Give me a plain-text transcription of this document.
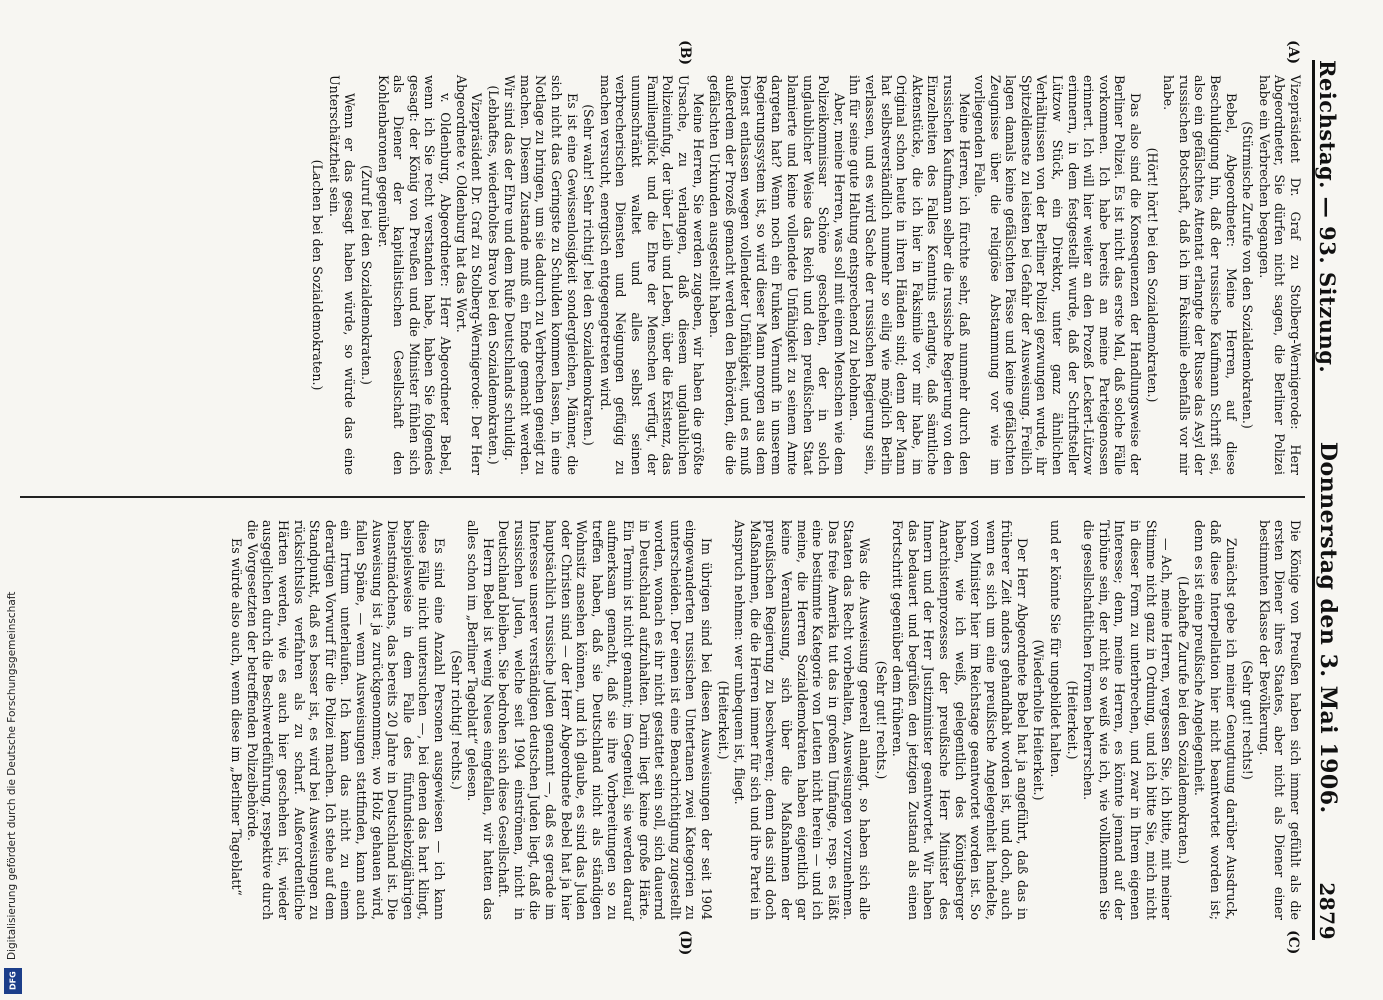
Reichstag. — 93. Sitzung.
Donnerstag den 3. Mai 1906.
2879
(A)
(B)
(C)
(D)

Vizepräsident Dr. Graf zu Stolberg-Wernigerode: Herr Abgeordneter, Sie dürfen nicht sagen, die Berliner Polizei habe ein Verbrechen begangen.

(Stürmische Zurufe von den Sozialdemokraten.)

Bebel, Abgeordneter: Meine Herren, auf diese Beschuldigung hin, daß der russische Kaufmann Schrift sei, also ein gefälschtes Attentat erlangte der Russe das Asyl der russischen Botschaft, daß ich im Faksimile ebenfalls vor mir habe.

(Hört! hört! bei den Sozialdemokraten.)

Das also sind die Konsequenzen der Handlungsweise der Berliner Polizei. Es ist nicht das erste Mal, daß solche Fälle vorkommen. Ich habe bereits an meine Parteigenossen erinnert. Ich will hier weiter an den Prozeß Leckert-Lützow erinnern, in dem festgestellt wurde, daß der Schriftsteller Lützow Stück, ein Direktor, unter ganz ähnlichen Verhältnissen von der Berliner Polizei gezwungen wurde, ihr Spitzeldienste zu leisten bei Gefahr der Ausweisung. Freilich lagen damals keine gefälschten Pässe und keine gefälschten Zeugnisse über die religiöse Abstammung vor wie im vorliegenden Falle.

Meine Herren, ich fürchte sehr, daß nunmehr durch den russischen Kaufmann selber die russische Regierung von den Einzelheiten des Falles Kenntnis erlangte, daß sämtliche Aktenstücke, die ich hier in Faksimile vor mir habe, im Original schon heute in ihren Händen sind; denn der Mann hat selbstverständlich nunmehr so eilig wie möglich Berlin verlassen, und es wird Sache der russischen Regierung sein, ihn für seine gute Haltung entsprechend zu belohnen.

Aber, meine Herren, was soll mit einem Menschen wie dem Polizeikommissar Schöne geschehen, der in solch unglaublicher Weise das Reich und den preußischen Staat blamierte und keine vollendete Unfähigkeit zu seinem Amte dargetan hat? Wenn noch ein Funken Vernunft in unserem Regierungssystem ist, so wird dieser Mann morgen aus dem Dienst entlassen wegen vollendeter Unfähigkeit, und es muß außerdem der Prozeß gemacht werden den Behörden, die die gefälschten Urkunden ausgestellt haben.

Meine Herren, Sie werden zugeben, wir haben die größte Ursache, zu verlangen, daß diesem unglaublichen Polizeiunfug, der über Leib und Leben, über die Existenz, das Familienglück und die Ehre der Menschen verfügt, der unumschränkt waltet und alles selbst seinen verbrecherischen Diensten und Neigungen gefügig zu machen versucht, energisch entgegengetreten wird.

(Sehr wahr! Sehr richtig! bei den Sozialdemokraten.)

Es ist eine Gewissenlosigkeit sondergleichen, Männer, die sich nicht das Geringste zu Schulden kommen lassen, in eine Notlage zu bringen, um sie dadurch zu Verbrechen geneigt zu machen. Diesem Zustande muß ein Ende gemacht werden. Wir sind das der Ehre und dem Rufe Deutschlands schuldig.

(Lebhaftes, wiederholtes Bravo bei den Sozialdemokraten.)

Vizepräsident Dr. Graf zu Stolberg-Wernigerode: Der Herr Abgeordnete v. Oldenburg hat das Wort.

v. Oldenburg, Abgeordneter: Herr Abgeordneter Bebel, wenn ich Sie recht verstanden habe, haben Sie folgendes gesagt: der König von Preußen und die Minister fühlen sich als Diener der kapitalistischen Gesellschaft den Kohlenbaronen gegenüber.

(Zuruf bei den Sozialdemokraten.)

Wenn er das gesagt haben würde, so würde das eine Unterschätztheit sein.

(Lachen bei den Sozialdemokraten.)

Die Könige von Preußen haben sich immer gefühlt als die ersten Diener ihres Staates, aber nicht als Diener einer bestimmten Klasse der Bevölkerung.

(Sehr gut! rechts!)

Zunächst gebe ich meiner Genugtuung darüber Ausdruck, daß diese Interpellation hier nicht beantwortet worden ist; denn es ist eine preußische Angelegenheit.

(Lebhafte Zurufe bei den Sozialdemokraten.)

— Ach, meine Herren, vergessen Sie, ich bitte, mit meiner Stimme nicht ganz in Ordnung, und ich bitte Sie, mich nicht in dieser Form zu unterbrechen, und zwar in Ihrem eigenen Interesse; denn, meine Herren, es könnte jemand auf der Tribüne sein, der nicht so weiß wie ich, wie vollkommen Sie die gesellschaftlichen Formen beherrschen.

(Heiterkeit.)

und er könnte Sie für ungebildet halten.

(Wiederholte Heiterkeit.)

Der Herr Abgeordnete Bebel hat ja angeführt, daß das in früherer Zeit anders gehandhabt worden ist, und doch, auch wenn es sich um eine preußische Angelegenheit handelte, vom Minister hier im Reichstage geantwortet worden ist. So haben, wie ich weiß, gelegentlich des Königsberger Anarchistenprozesses der preußische Herr Minister des Innern und der Herr Justizminister geantwortet. Wir haben das bedauert und begrüßen den jetzigen Zustand als einen Fortschritt gegenüber dem früheren.

(Sehr gut! rechts.)

Was die Ausweisung generell anlangt, so haben sich alle Staaten das Recht vorbehalten, Ausweisungen vorzunehmen. Das freie Amerika tut das in großem Umfange, resp. es läßt eine bestimmte Kategorie von Leuten nicht herein — und ich meine, die Herren Sozialdemokraten haben eigentlich gar keine Veranlassung, sich über die Maßnahmen der preußischen Regierung zu beschweren; denn das sind doch Maßnahmen, die die Herren immer für sich und ihre Partei in Anspruch nehmen: wer unbequem ist, fliegt.

(Heiterkeit.)

Im übrigen sind bei diesen Ausweisungen der seit 1904 eingewanderten russischen Untertanen zwei Kategorien zu unterscheiden. Der einen ist eine Benachrichtigung zugestellt worden, wonach es ihr nicht gestattet sein soll, sich dauernd in Deutschland aufzuhalten. Darin liegt keine große Härte. Ein Termin ist nicht genannt; im Gegenteil, sie werden darauf aufmerksam gemacht, daß sie ihre Vorbereitungen so zu treffen haben, daß sie Deutschland nicht als ständigen Wohnsitz ansehen können, und ich glaube, es sind das Juden oder Christen sind — der Herr Abgeordnete Bebel hat ja hier hauptsächlich russische Juden genannt —, daß es gerade im Interesse unserer verständigen deutschen Juden liegt, daß die russischen Juden, welche seit 1904 einströmen, nicht in Deutschland bleiben. Sie bedrohen sich diese Gesellschaft.

Herrn Bebel ist wenig Neues eingefallen, wir hatten das alles schon im „Berliner Tageblatt“ gelesen.

(Sehr richtig! rechts.)

Es sind eine Anzahl Personen ausgewiesen — ich kann diese Fälle nicht untersuchen —, bei denen das hart klingt, beispielsweise in dem Falle des fünfundsiebzigjährigen Dienstmädchens, das bereits 20 Jahre in Deutschland ist. Die Ausweisung ist ja zurückgenommen; wo Holz gehauen wird, fallen Späne, — wenn Ausweisungen stattfinden, kann auch ein Irrtum unterlaufen. Ich kann das nicht zu einem derartigen Vorwurf für die Polizei machen. Ich stehe auf dem Standpunkt, daß es besser ist, es wird bei Ausweisungen zu rücksichtslos verfahren als zu scharf. Außerordentliche Härten werden, wie es auch hier geschehen ist, wieder ausgeglichen durch die Beschwerdeführung, respektive durch die Vorgesetzten der betreffenden Polizeibehörde.

Es würde also auch, wenn diese im „Berliner Tageblatt“

Digitalisierung gefördert durch die Deutsche Forschungsgemeinschaft
DFG
